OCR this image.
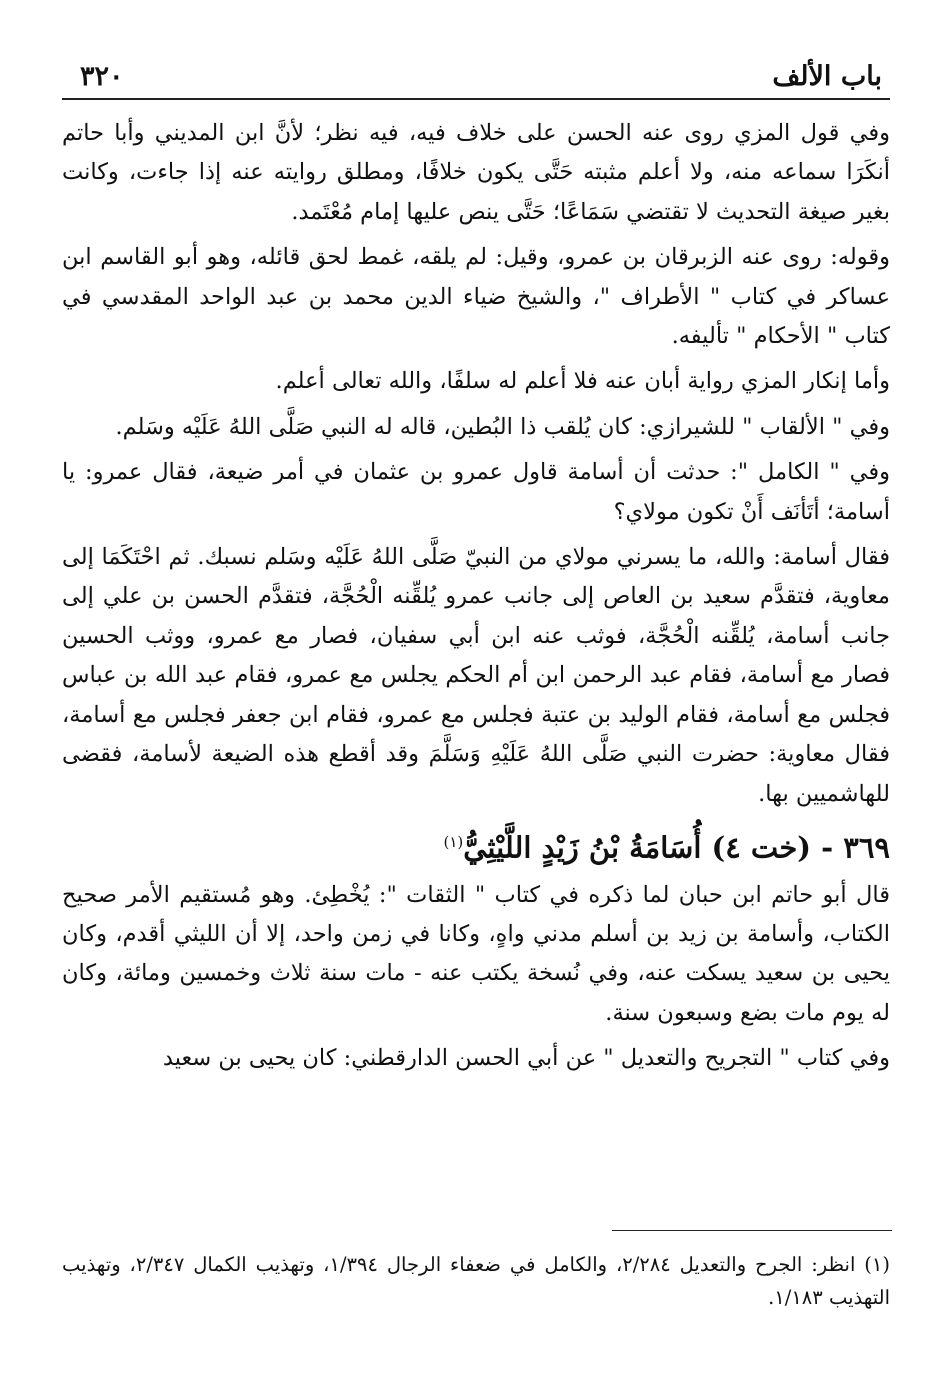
باب الألف
٣٢٠

وفي قول المزي روى عنه الحسن على خلاف فيه، فيه نظر؛ لأنَّ ابن المديني وأبا حاتم أنكَرَا سماعه منه، ولا أعلم مثبته حَتَّى يكون خلافًا، ومطلق روايته عنه إذا جاءت، وكانت بغير صيغة التحديث لا تقتضي سَمَاعًا؛ حَتَّى ينص عليها إمام مُعْتَمد.

وقوله: روى عنه الزبرقان بن عمرو، وقيل: لم يلقه، غمط لحق قائله، وهو أبو القاسم ابن عساكر في كتاب " الأطراف "، والشيخ ضياء الدين محمد بن عبد الواحد المقدسي في كتاب " الأحكام " تأليفه.

وأما إنكار المزي رواية أبان عنه فلا أعلم له سلفًا، والله تعالى أعلم.

وفي " الألقاب " للشيرازي: كان يُلقب ذا البُطين، قاله له النبي صَلَّى اللهُ عَلَيْه وسَلم.

وفي " الكامل ": حدثت أن أسامة قاول عمرو بن عثمان في أمر ضيعة، فقال عمرو: يا أسامة؛ أتَأنَف أَنْ تكون مولاي؟

فقال أسامة: والله، ما يسرني مولاي من النبيّ صَلَّى اللهُ عَلَيْه وسَلم نسبك. ثم احْتَكَمَا إلى معاوية، فتقدَّم سعيد بن العاص إلى جانب عمرو يُلقِّنه الْحُجَّة، فتقدَّم الحسن بن علي إلى جانب أسامة، يُلقِّنه الْحُجَّة، فوثب عنه ابن أبي سفيان، فصار مع عمرو، ووثب الحسين فصار مع أسامة، فقام عبد الرحمن ابن أم الحكم يجلس مع عمرو، فقام عبد الله بن عباس فجلس مع أسامة، فقام الوليد بن عتبة فجلس مع عمرو، فقام ابن جعفر فجلس مع أسامة، فقال معاوية: حضرت النبي صَلَّى اللهُ عَلَيْهِ وَسَلَّمَ وقد أقطع هذه الضيعة لأسامة، فقضى للهاشميين بها.

٣٦٩ - (خت ٤) أُسَامَةُ بْنُ زَيْدٍ اللَّيْثِيُّ$^{(١)}$

قال أبو حاتم ابن حبان لما ذكره في كتاب " الثقات ": يُخْطِئ. وهو مُستقيم الأمر صحيح الكتاب، وأسامة بن زيد بن أسلم مدني واهٍ، وكانا في زمن واحد، إلا أن الليثي أقدم، وكان يحيى بن سعيد يسكت عنه، وفي نُسخة يكتب عنه - مات سنة ثلاث وخمسين ومائة، وكان له يوم مات بضع وسبعون سنة.

وفي كتاب " التجريح والتعديل " عن أبي الحسن الدارقطني: كان يحيى بن سعيد

(١) انظر: الجرح والتعديل ٢/٢٨٤، والكامل في ضعفاء الرجال ١/٣٩٤، وتهذيب الكمال ٢/٣٤٧، وتهذيب التهذيب ١/١٨٣.
